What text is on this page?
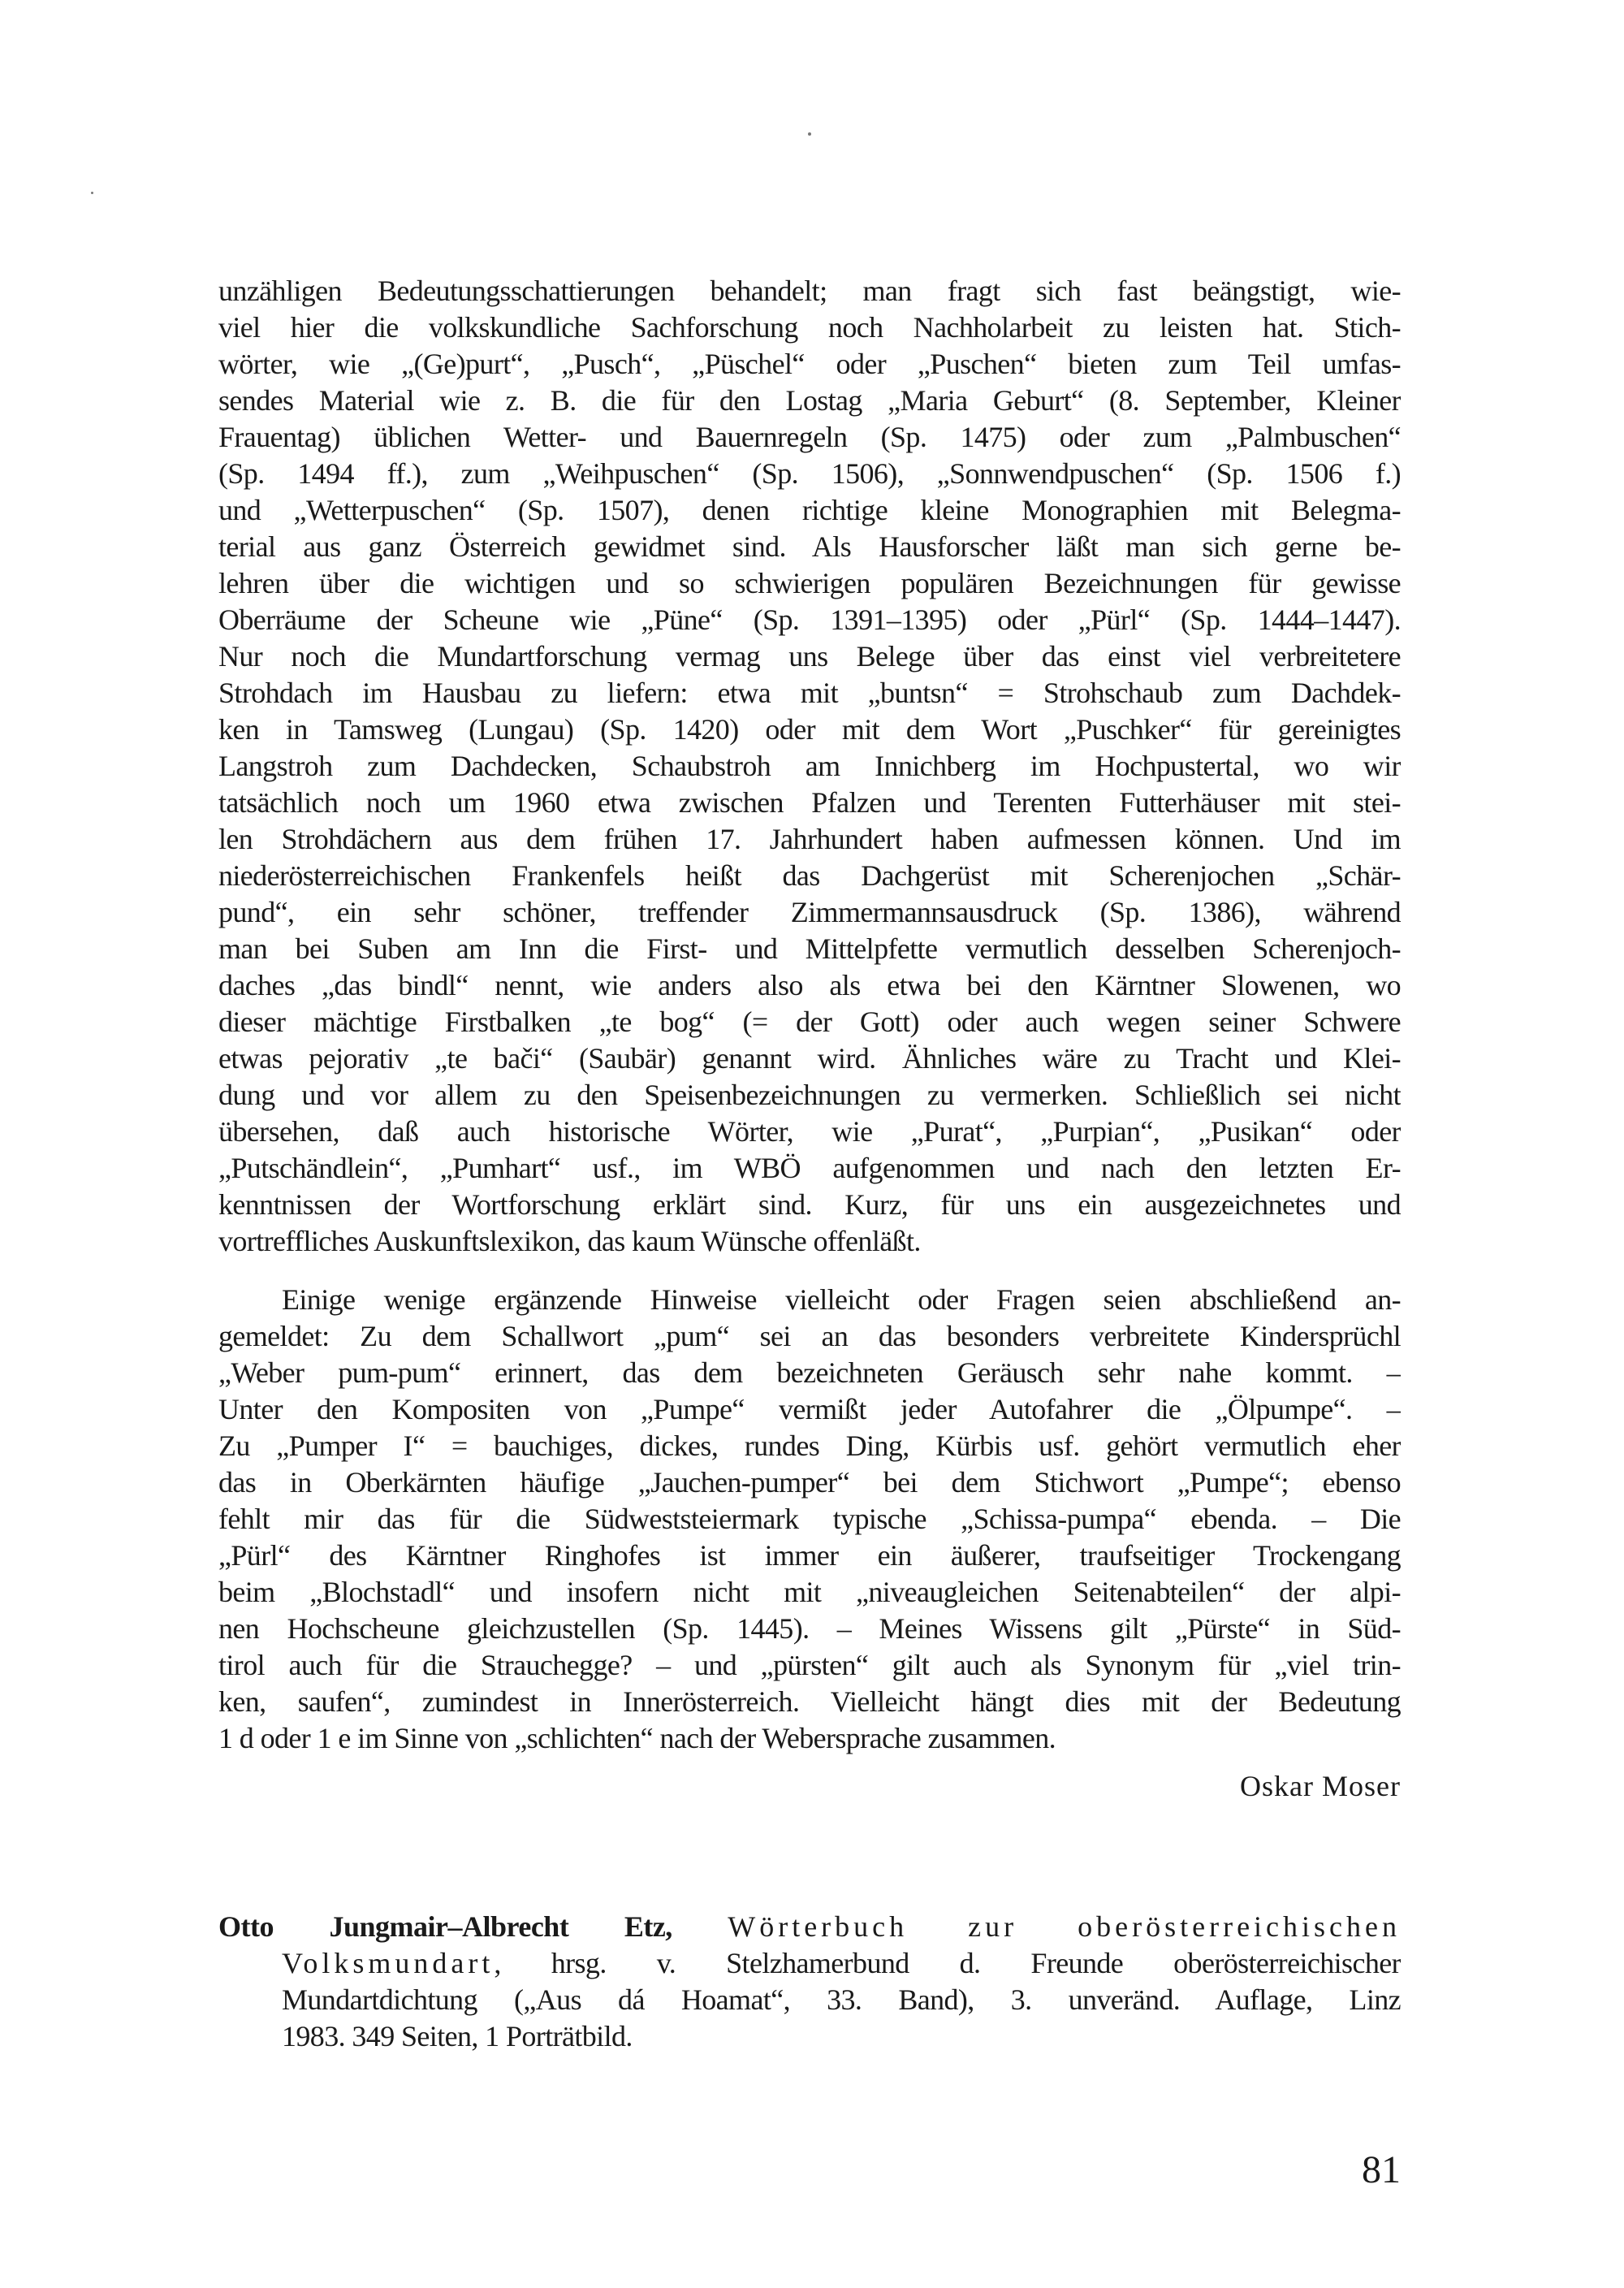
unzähligen Bedeutungsschattierungen behandelt; man fragt sich fast beängstigt, wie-
viel hier die volkskundliche Sachforschung noch Nachholarbeit zu leisten hat. Stich-
wörter, wie „(Ge)purt“, „Pusch“, „Püschel“ oder „Puschen“ bieten zum Teil umfas-
sendes Material wie z. B. die für den Lostag „Maria Geburt“ (8. September, Kleiner
Frauentag) üblichen Wetter- und Bauernregeln (Sp. 1475) oder zum „Palmbuschen“
(Sp. 1494 ff.), zum „Weihpuschen“ (Sp. 1506), „Sonnwendpuschen“ (Sp. 1506 f.)
und „Wetterpuschen“ (Sp. 1507), denen richtige kleine Monographien mit Belegma-
terial aus ganz Österreich gewidmet sind. Als Hausforscher läßt man sich gerne be-
lehren über die wichtigen und so schwierigen populären Bezeichnungen für gewisse
Oberräume der Scheune wie „Püne“ (Sp. 1391–1395) oder „Pürl“ (Sp. 1444–1447).
Nur noch die Mundartforschung vermag uns Belege über das einst viel verbreitetere
Strohdach im Hausbau zu liefern: etwa mit „buntsn“ = Strohschaub zum Dachdek-
ken in Tamsweg (Lungau) (Sp. 1420) oder mit dem Wort „Puschker“ für gereinigtes
Langstroh zum Dachdecken, Schaubstroh am Innichberg im Hochpustertal, wo wir
tatsächlich noch um 1960 etwa zwischen Pfalzen und Terenten Futterhäuser mit stei-
len Strohdächern aus dem frühen 17. Jahrhundert haben aufmessen können. Und im
niederösterreichischen Frankenfels heißt das Dachgerüst mit Scherenjochen „Schär-
pund“, ein sehr schöner, treffender Zimmermannsausdruck (Sp. 1386), während
man bei Suben am Inn die First- und Mittelpfette vermutlich desselben Scherenjoch-
daches „das bindl“ nennt, wie anders also als etwa bei den Kärntner Slowenen, wo
dieser mächtige Firstbalken „te bog“ (= der Gott) oder auch wegen seiner Schwere
etwas pejorativ „te bači“ (Saubär) genannt wird. Ähnliches wäre zu Tracht und Klei-
dung und vor allem zu den Speisenbezeichnungen zu vermerken. Schließlich sei nicht
übersehen, daß auch historische Wörter, wie „Purat“, „Purpian“, „Pusikan“ oder
„Putschändlein“, „Pumhart“ usf., im WBÖ aufgenommen und nach den letzten Er-
kenntnissen der Wortforschung erklärt sind. Kurz, für uns ein ausgezeichnetes und
vortreffliches Auskunftslexikon, das kaum Wünsche offenläßt.
Einige wenige ergänzende Hinweise vielleicht oder Fragen seien abschließend an-
gemeldet: Zu dem Schallwort „pum“ sei an das besonders verbreitete Kindersprüchl
„Weber pum-pum“ erinnert, das dem bezeichneten Geräusch sehr nahe kommt. –
Unter den Kompositen von „Pumpe“ vermißt jeder Autofahrer die „Ölpumpe“. –
Zu „Pumper I“ = bauchiges, dickes, rundes Ding, Kürbis usf. gehört vermutlich eher
das in Oberkärnten häufige „Jauchen-pumper“ bei dem Stichwort „Pumpe“; ebenso
fehlt mir das für die Südweststeiermark typische „Schissa-pumpa“ ebenda. – Die
„Pürl“ des Kärntner Ringhofes ist immer ein äußerer, traufseitiger Trockengang
beim „Blochstadl“ und insofern nicht mit „niveaugleichen Seitenabteilen“ der alpi-
nen Hochscheune gleichzustellen (Sp. 1445). – Meines Wissens gilt „Pürste“ in Süd-
tirol auch für die Strauchegge? – und „pürsten“ gilt auch als Synonym für „viel trin-
ken, saufen“, zumindest in Innerösterreich. Vielleicht hängt dies mit der Bedeutung
1 d oder 1 e im Sinne von „schlichten“ nach der Webersprache zusammen.
Oskar Moser
Otto Jungmair–Albrecht Etz, Wörterbuch zur oberösterreichischen
Volksmundart, hrsg. v. Stelzhamerbund d. Freunde oberösterreichischer
Mundartdichtung („Aus dá Hoamat“, 33. Band), 3. unveränd. Auflage, Linz
1983. 349 Seiten, 1 Porträtbild.
81
